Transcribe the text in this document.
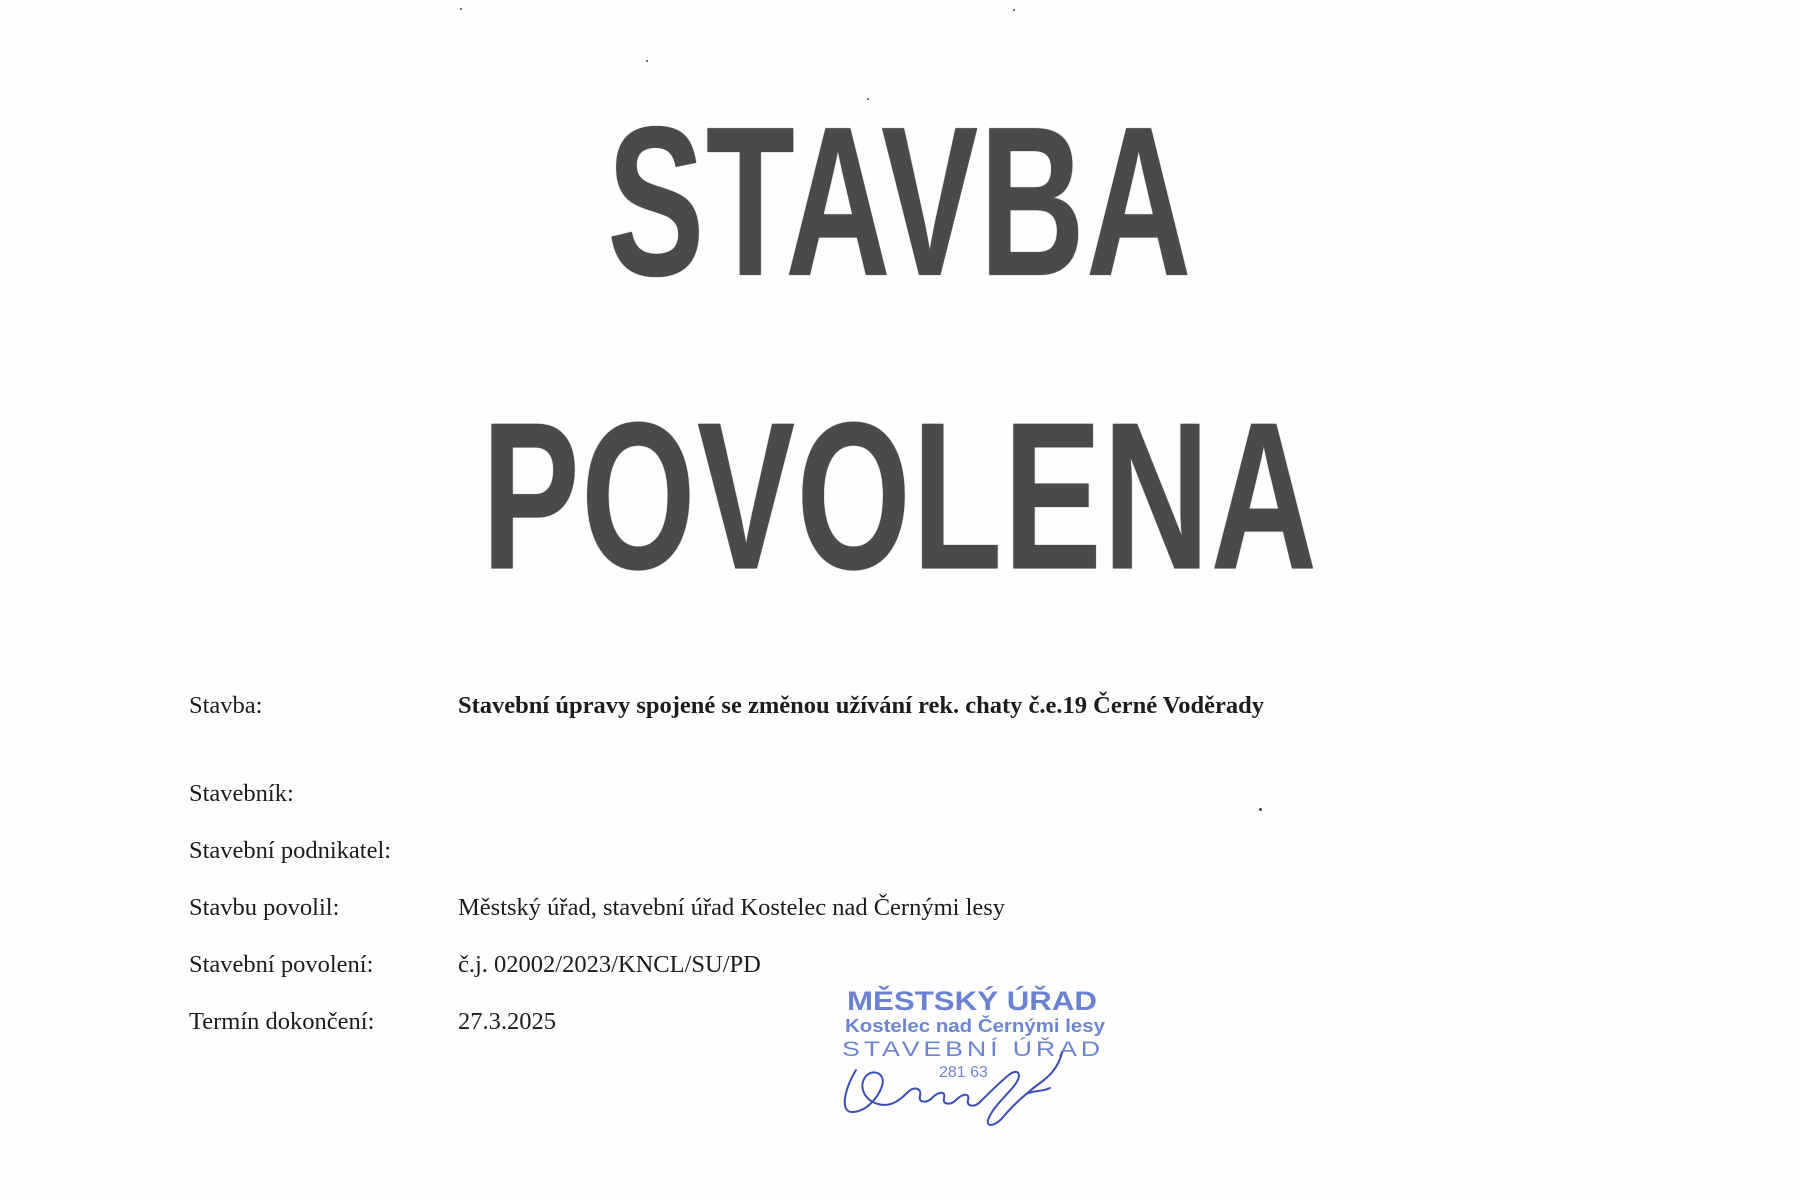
STAVBA
POVOLENA
Stavba:	Stavební úpravy spojené se změnou užívání rek. chaty č.e.19 Černé Voděrady
Stavebník:
Stavební podnikatel:
Stavbu povolil:	Městský úřad, stavební úřad Kostelec nad Černými lesy
Stavební povolení:	č.j. 02002/2023/KNCL/SU/PD
Termín dokončení:	27.3.2025
MĚSTSKÝ ÚŘAD
Kostelec nad Černými lesy
STAVEBNÍ ÚŘAD
281 63
